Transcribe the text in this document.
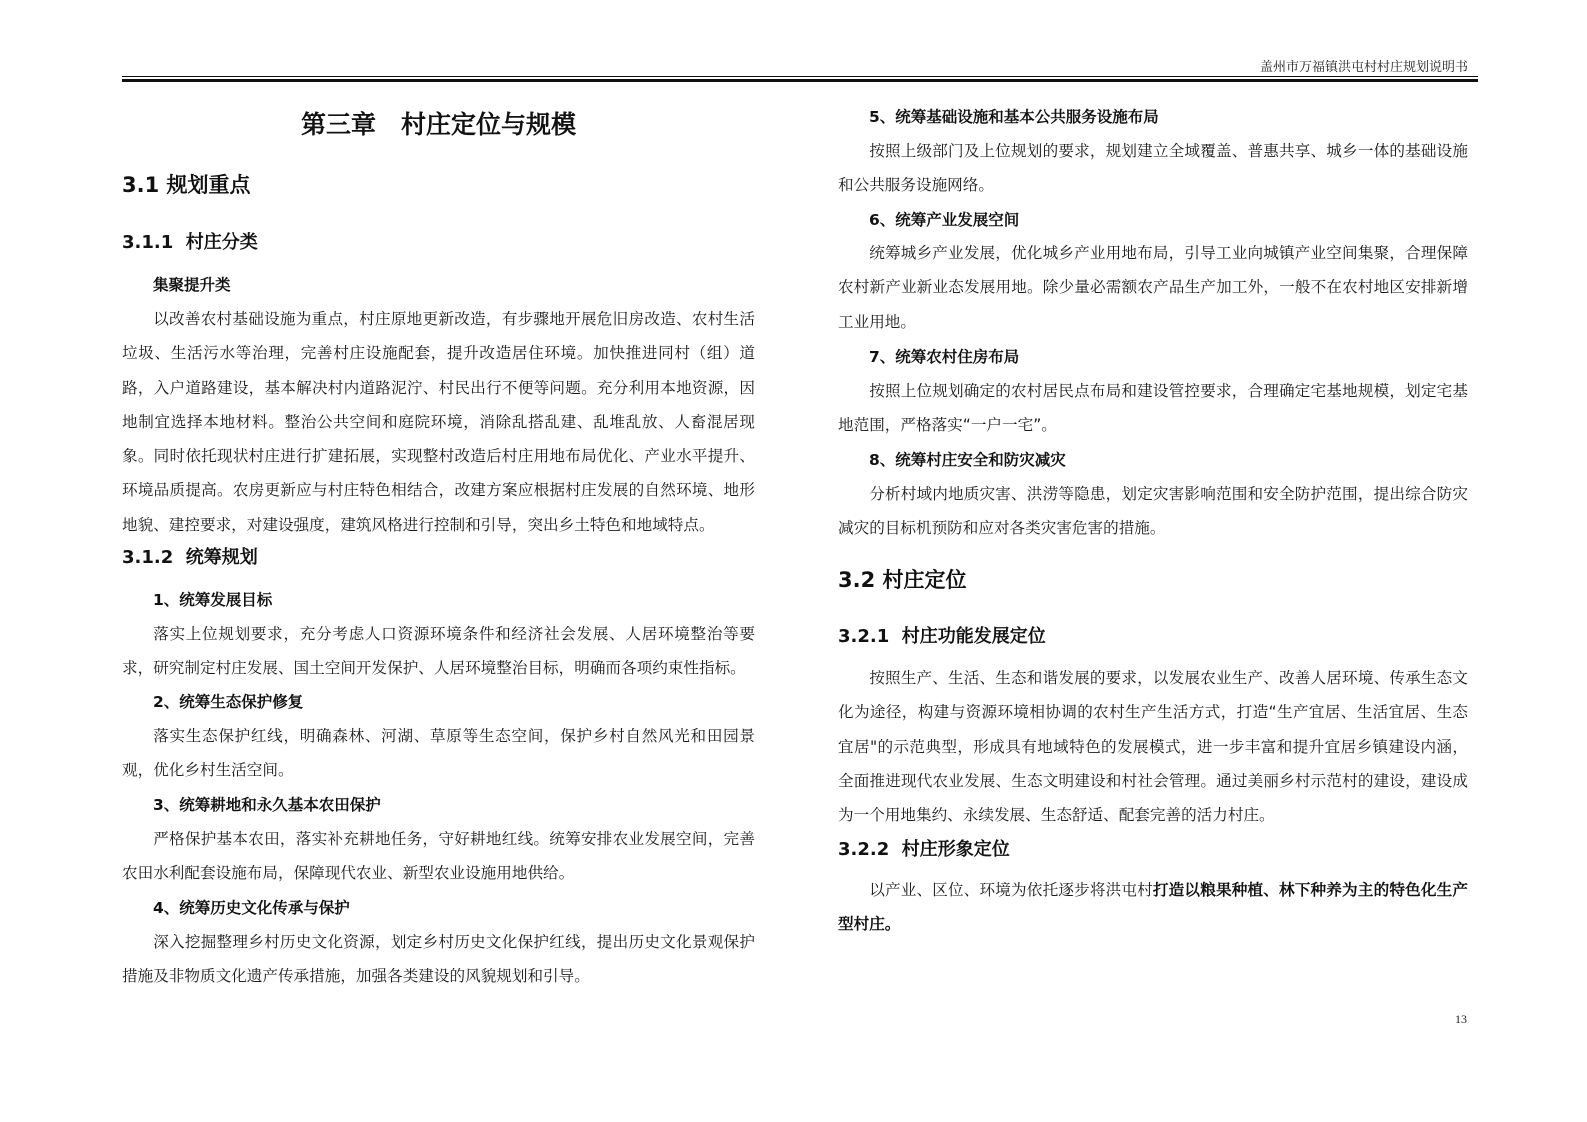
盖州市万福镇洪屯村村庄规划说明书
第三章　村庄定位与规模
3.1 规划重点
3.1.1  村庄分类
集聚提升类

以改善农村基础设施为重点，村庄原地更新改造，有步骤地开展危旧房改造、农村生活垃圾、生活污水等治理，完善村庄设施配套，提升改造居住环境。加快推进同村（组）道路，入户道路建设，基本解决村内道路泥泞、村民出行不便等问题。充分利用本地资源，因地制宜选择本地材料。整治公共空间和庭院环境，消除乱搭乱建、乱堆乱放、人畜混居现象。同时依托现状村庄进行扩建拓展，实现整村改造后村庄用地布局优化、产业水平提升、环境品质提高。农房更新应与村庄特色相结合，改建方案应根据村庄发展的自然环境、地形地貌、建控要求，对建设强度，建筑风格进行控制和引导，突出乡土特色和地域特点。

3.1.2  统筹规划
1、统筹发展目标

落实上位规划要求，充分考虑人口资源环境条件和经济社会发展、人居环境整治等要求，研究制定村庄发展、国土空间开发保护、人居环境整治目标，明确而各项约束性指标。

2、统筹生态保护修复

落实生态保护红线，明确森林、河湖、草原等生态空间，保护乡村自然风光和田园景观，优化乡村生活空间。

3、统筹耕地和永久基本农田保护

严格保护基本农田，落实补充耕地任务，守好耕地红线。统筹安排农业发展空间，完善农田水利配套设施布局，保障现代农业、新型农业设施用地供给。

4、统筹历史文化传承与保护

深入挖掘整理乡村历史文化资源，划定乡村历史文化保护红线，提出历史文化景观保护措施及非物质文化遗产传承措施，加强各类建设的风貌规划和引导。

5、统筹基础设施和基本公共服务设施布局

按照上级部门及上位规划的要求，规划建立全域覆盖、普惠共享、城乡一体的基础设施和公共服务设施网络。

6、统筹产业发展空间

统筹城乡产业发展，优化城乡产业用地布局，引导工业向城镇产业空间集聚，合理保障农村新产业新业态发展用地。除少量必需额农产品生产加工外，一般不在农村地区安排新增工业用地。

7、统筹农村住房布局

按照上位规划确定的农村居民点布局和建设管控要求，合理确定宅基地规模，划定宅基地范围，严格落实“一户一宅”。

8、统筹村庄安全和防灾减灾

分析村域内地质灾害、洪涝等隐患，划定灾害影响范围和安全防护范围，提出综合防灾减灾的目标机预防和应对各类灾害危害的措施。

3.2 村庄定位
3.2.1  村庄功能发展定位

按照生产、生活、生态和谐发展的要求，以发展农业生产、改善人居环境、传承生态文化为途径，构建与资源环境相协调的农村生产生活方式，打造“生产宜居、生活宜居、生态宜居"的示范典型，形成具有地域特色的发展模式，进一步丰富和提升宜居乡镇建设内涵，全面推进现代农业发展、生态文明建设和村社会管理。通过美丽乡村示范村的建设，建设成为一个用地集约、永续发展、生态舒适、配套完善的活力村庄。

3.2.2  村庄形象定位

以产业、区位、环境为依托逐步将洪屯村打造以粮果种植、林下种养为主的特色化生产型村庄。

13
